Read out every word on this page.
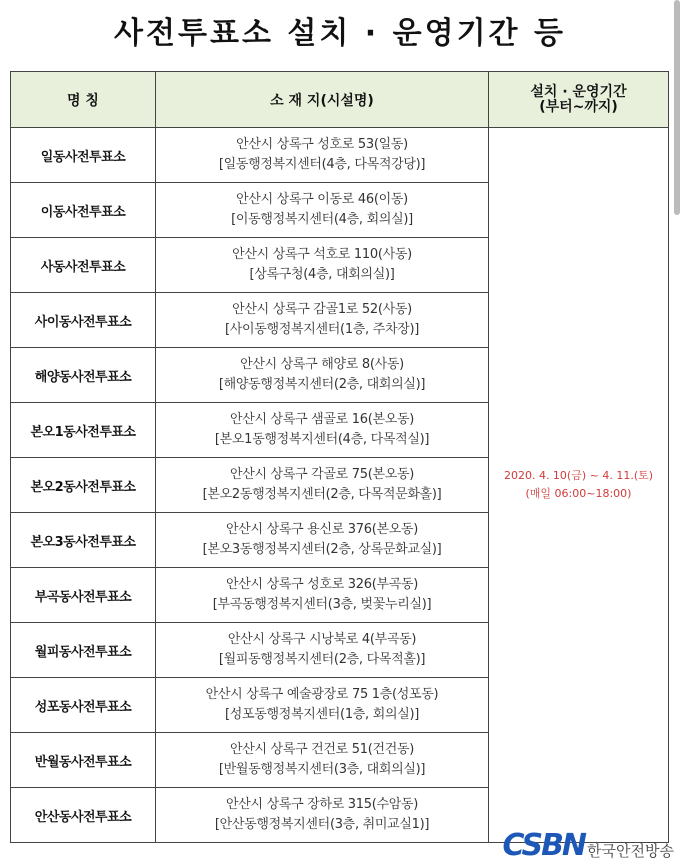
사전투표소 설치 · 운영기간 등
명 칭	소 재 지(시설명)	설치 · 운영기간
(부터~까지)

일동사전투표소	안산시 상록구 성호로 53(일동)
[일동행정복지센터(4층, 다목적강당)]	2020. 4. 10(금) ~ 4. 11.(토)
(매일 06:00~18:00)

이동사전투표소	안산시 상록구 이동로 46(이동)
[이동행정복지센터(4층, 회의실)]	

사동사전투표소	안산시 상록구 석호로 110(사동)
[상록구청(4층, 대회의실)]	

사이동사전투표소	안산시 상록구 감골1로 52(사동)
[사이동행정복지센터(1층, 주차장)]	

해양동사전투표소	안산시 상록구 해양로 8(사동)
[해양동행정복지센터(2층, 대회의실)]	

본오1동사전투표소	안산시 상록구 샘골로 16(본오동)
[본오1동행정복지센터(4층, 다목적실)]	

본오2동사전투표소	안산시 상록구 각골로 75(본오동)
[본오2동행정복지센터(2층, 다목적문화홀)]	

본오3동사전투표소	안산시 상록구 용신로 376(본오동)
[본오3동행정복지센터(2층, 상록문화교실)]	

부곡동사전투표소	안산시 상록구 성호로 326(부곡동)
[부곡동행정복지센터(3층, 벚꽃누리실)]	

월피동사전투표소	안산시 상록구 시낭북로 4(부곡동)
[월피동행정복지센터(2층, 다목적홀)]	

성포동사전투표소	안산시 상록구 예술광장로 75 1층(성포동)
[성포동행정복지센터(1층, 회의실)]	

반월동사전투표소	안산시 상록구 건건로 51(건건동)
[반월동행정복지센터(3층, 대회의실)]	

안산동사전투표소	안산시 상록구 장하로 315(수암동)
[안산동행정복지센터(3층, 취미교실1)]	
CSBN 한국안전방송
